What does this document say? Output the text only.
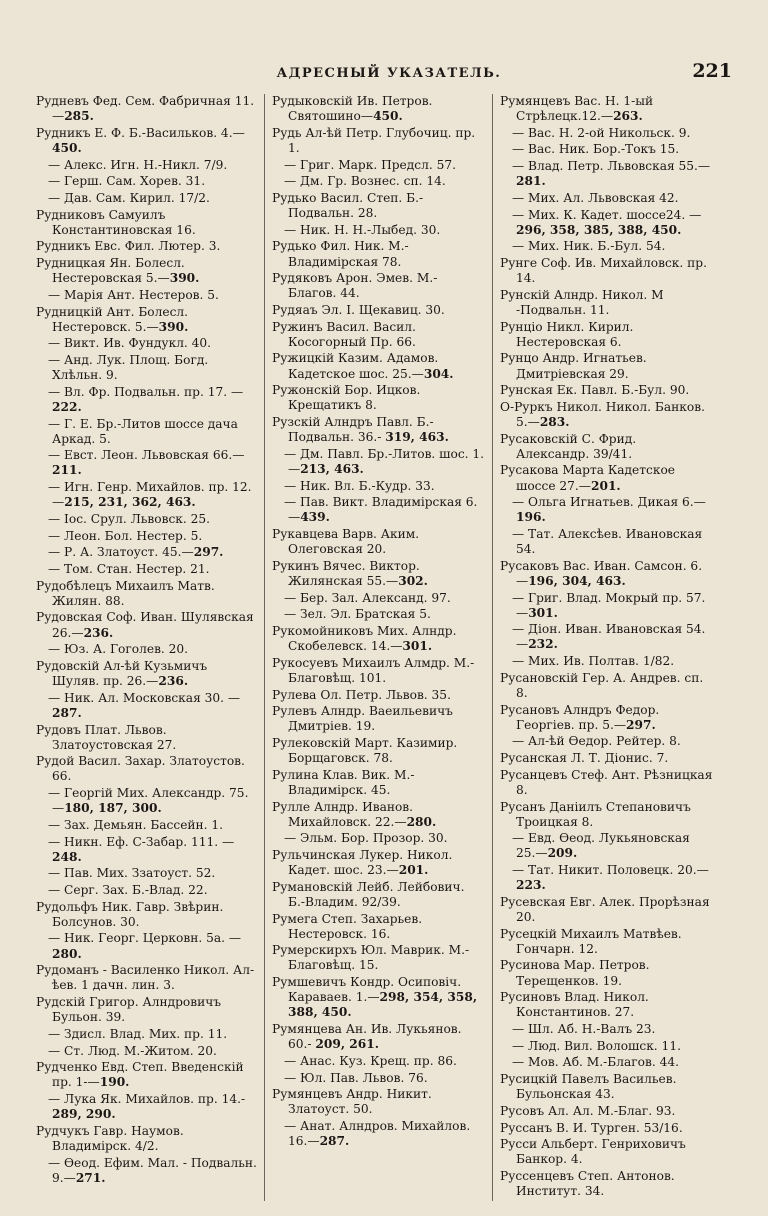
АДРЕСНЫЙ УКАЗАТЕЛЬ.	221

Рудневъ Фед. Сем. Фабричная 11.—285.

Рудникъ Е. Ф. Б.-Васильков. 4.—450.

— Алекс. Игн. Н.-Никл. 7/9.

— Герш. Сам. Хорев. 31.

— Дав. Сам. Кирил. 17/2.

Рудниковъ Самуилъ Константиновская 16.

Рудникъ Евс. Фил. Лютер. 3.

Рудницкая Ян. Болесл. Нестеровская 5.—390.

— Марія Ант. Нестеров. 5.

Рудницкій Ант. Болесл. Нестеровск. 5.—390.

— Викт. Ив. Фундукл. 40.

— Анд. Лук. Площ. Богд. Хлѣльн. 9.

— Вл. Фр. Подвальн. пр. 17. —222.

— Г. Е. Бр.-Литов шоссе дача Аркад. 5.

— Евст. Леон. Львовская 66.—211.

— Игн. Генр. Михайлов. пр. 12.—215, 231, 362, 463.

— Іос. Срул. Львовск. 25.

— Леон. Бол. Нестер. 5.

— Р. А. Златоуст. 45.—297.

— Том. Стан. Нестер. 21.

Рудобѣлецъ Михаилъ Матв. Жилян. 88.

Рудовская Соф. Иван. Шулявская 26.—236.

— Юз. А. Гоголев. 20.

Рудовскій Ал-ѣй Кузьмичъ Шуляв. пр. 26.—236.

— Ник. Ал. Московская 30. —287.

Рудовъ Плат. Львов. Златоустовская 27.

Рудой Васил. Захар. Златоустов. 66.

— Георгій Мих. Александр. 75.—180, 187, 300.

— Зах. Демьян. Бассейн. 1.

— Никн. Еф. С-Забар. 111. —248.

— Пав. Мих. Ззатоуст. 52.

— Серг. Зах. Б.-Влад. 22.

Рудольфъ Ник. Гавр. Звѣрин. Болсунов. 30.

— Ник. Георг. Церковн. 5а. —280.

Рудоманъ - Василенко Никол. Ал-ѣев. 1 дачн. лин. 3.

Рудскій Григор. Алндровичъ Бульон. 39.

— Здисл. Влад. Мих. пр. 11.

— Ст. Люд. М.-Житом. 20.

Рудченко Евд. Степ. Введенскій пр. 1-—190.

— Лука Як. Михайлов. пр. 14.- 289, 290.

Рудчукъ Гавр. Наумов. Владимірск. 4/2.

— Ѳеод. Ефим. Мал. - Подвальн. 9.—271.

Рудыковскій Ив. Петров. Святошино—450.

Рудь Ал-ѣй Петр. Глубочиц. пр. 1.

— Григ. Марк. Предсл. 57.

— Дм. Гр. Вознес. сп. 14.

Рудько Васил. Степ. Б.-Подвальн. 28.

— Ник. Н. Н.-Лыбед. 30.

Рудько Фил. Ник. М.-Владимірская 78.

Рудяковъ Арон. Эмев. М.-Благов. 44.

Рудяаъ Эл. І. Щекавиц. 30.

Ружинъ Васил. Васил. Косогорный Пр. 66.

Ружицкій Казим. Адамов. Кадетское шос. 25.—304.

Ружонскій Бор. Ицков. Крещатикъ 8.

Рузскій Алндръ Павл. Б.-Подвальн. 36.- 319, 463.

— Дм. Павл. Бр.-Литов. шос. 1.—213, 463.

— Ник. Вл. Б.-Кудр. 33.

— Пав. Викт. Владимірская 6.—439.

Рукавцева Варв. Аким. Олеговская 20.

Рукинъ Вячес. Виктор. Жилянская 55.—302.

— Бер. Зал. Александ. 97.

— Зел. Эл. Братская 5.

Рукомойниковъ Мих. Алндр. Скобелевск. 14.—301.

Рукосуевъ Михаилъ Алмдр. М.-Благовѣщ. 101.

Рулева Ол. Петр. Львов. 35.

Рулевъ Алндр. Ваеильевичъ Дмитріев. 19.

Рулековскій Март. Казимир. Борщаговск. 78.

Рулина Клав. Вик. М.-Владимірск. 45.

Рулле Алндр. Иванов. Михайловск. 22.—280.

— Эльм. Бор. Прозор. 30.

Рульчинская Лукер. Никол. Кадет. шос. 23.—201.

Румановскій Лейб. Лейбович. Б.-Владим. 92/39.

Румега Степ. Захарьев. Нестеровск. 16.

Румерскирхъ Юл. Маврик. М.-Благовѣщ. 15.

Румшевичъ Кондр. Осиповіч. Караваев. 1.—298, 354, 358, 388, 450.

Румянцева Ан. Ив. Лукьянов. 60.- 209, 261.

— Анас. Куз. Крещ. пр. 86.

— Юл. Пав. Львов. 76.

Румянцевъ Андр. Никит. Златоуст. 50.

— Анат. Алндров. Михайлов. 16.—287.

Румянцевъ Вас. Н. 1-ый Стрѣлецк.12.—263.

— Вас. Н. 2-ой Никольск. 9.

— Вас. Ник. Бор.-Токъ 15.

— Влад. Петр. Львовская 55.—281.

— Мих. Ал. Львовская 42.

— Мих. К. Кадет. шоссе24. —296, 358, 385, 388, 450.

— Мих. Ник. Б.-Бул. 54.

Рунге Соф. Ив. Михайловск. пр. 14.

Рунскій Алндр. Никол. М -Подвальн. 11.

Рунціо Никл. Кирил. Нестеровская 6.

Рунцо Андр. Игнатьев. Дмитріевская 29.

Рунская Ек. Павл. Б.-Бул. 90.

О-Руркъ Никол. Никол. Банков. 5.—283.

Русаковскій С. Фрид. Александр. 39/41.

Русакова Марта Кадетское шоссе 27.—201.

— Ольга Игнатьев. Дикая 6.—196.

— Тат. Алексѣев. Ивановская 54.

Русаковъ Вас. Иван. Самсон. 6.—196, 304, 463.

— Григ. Влад. Мокрый пр. 57.—301.

— Діон. Иван. Ивановская 54.—232.

— Мих. Ив. Полтав. 1/82.

Русановскій Гер. А. Андрев. сп. 8.

Русановъ Алндръ Федор. Георгіев. пр. 5.—297.

— Ал-ѣй Ѳедор. Рейтер. 8.

Русанская Л. Т. Діонис. 7.

Русанцевъ Стеф. Ант. Рѣзницкая 8.

Русанъ Даніилъ Степановичъ Троицкая 8.

— Евд. Ѳеод. Лукьяновская 25.—209.

— Тат. Никит. Половецк. 20.—223.

Русевская Евг. Алек. Прорѣзная 20.

Русецкій Михаилъ Матвѣев. Гончарн. 12.

Русинова Мар. Петров. Терещенков. 19.

Русиновъ Влад. Никол. Константинов. 27.

— Шл. Аб. Н.-Валъ 23.

— Люд. Вил. Волошск. 11.

— Мов. Аб. М.-Благов. 44.

Русицкій Павелъ Васильев. Бульонская 43.

Русовъ Ал. Ал. М.-Благ. 93.

Руссанъ В. И. Турген. 53/16.

Русси Альберт. Генриховичъ Банкор. 4.

Руссенцевъ Степ. Антонов. Институт. 34.
